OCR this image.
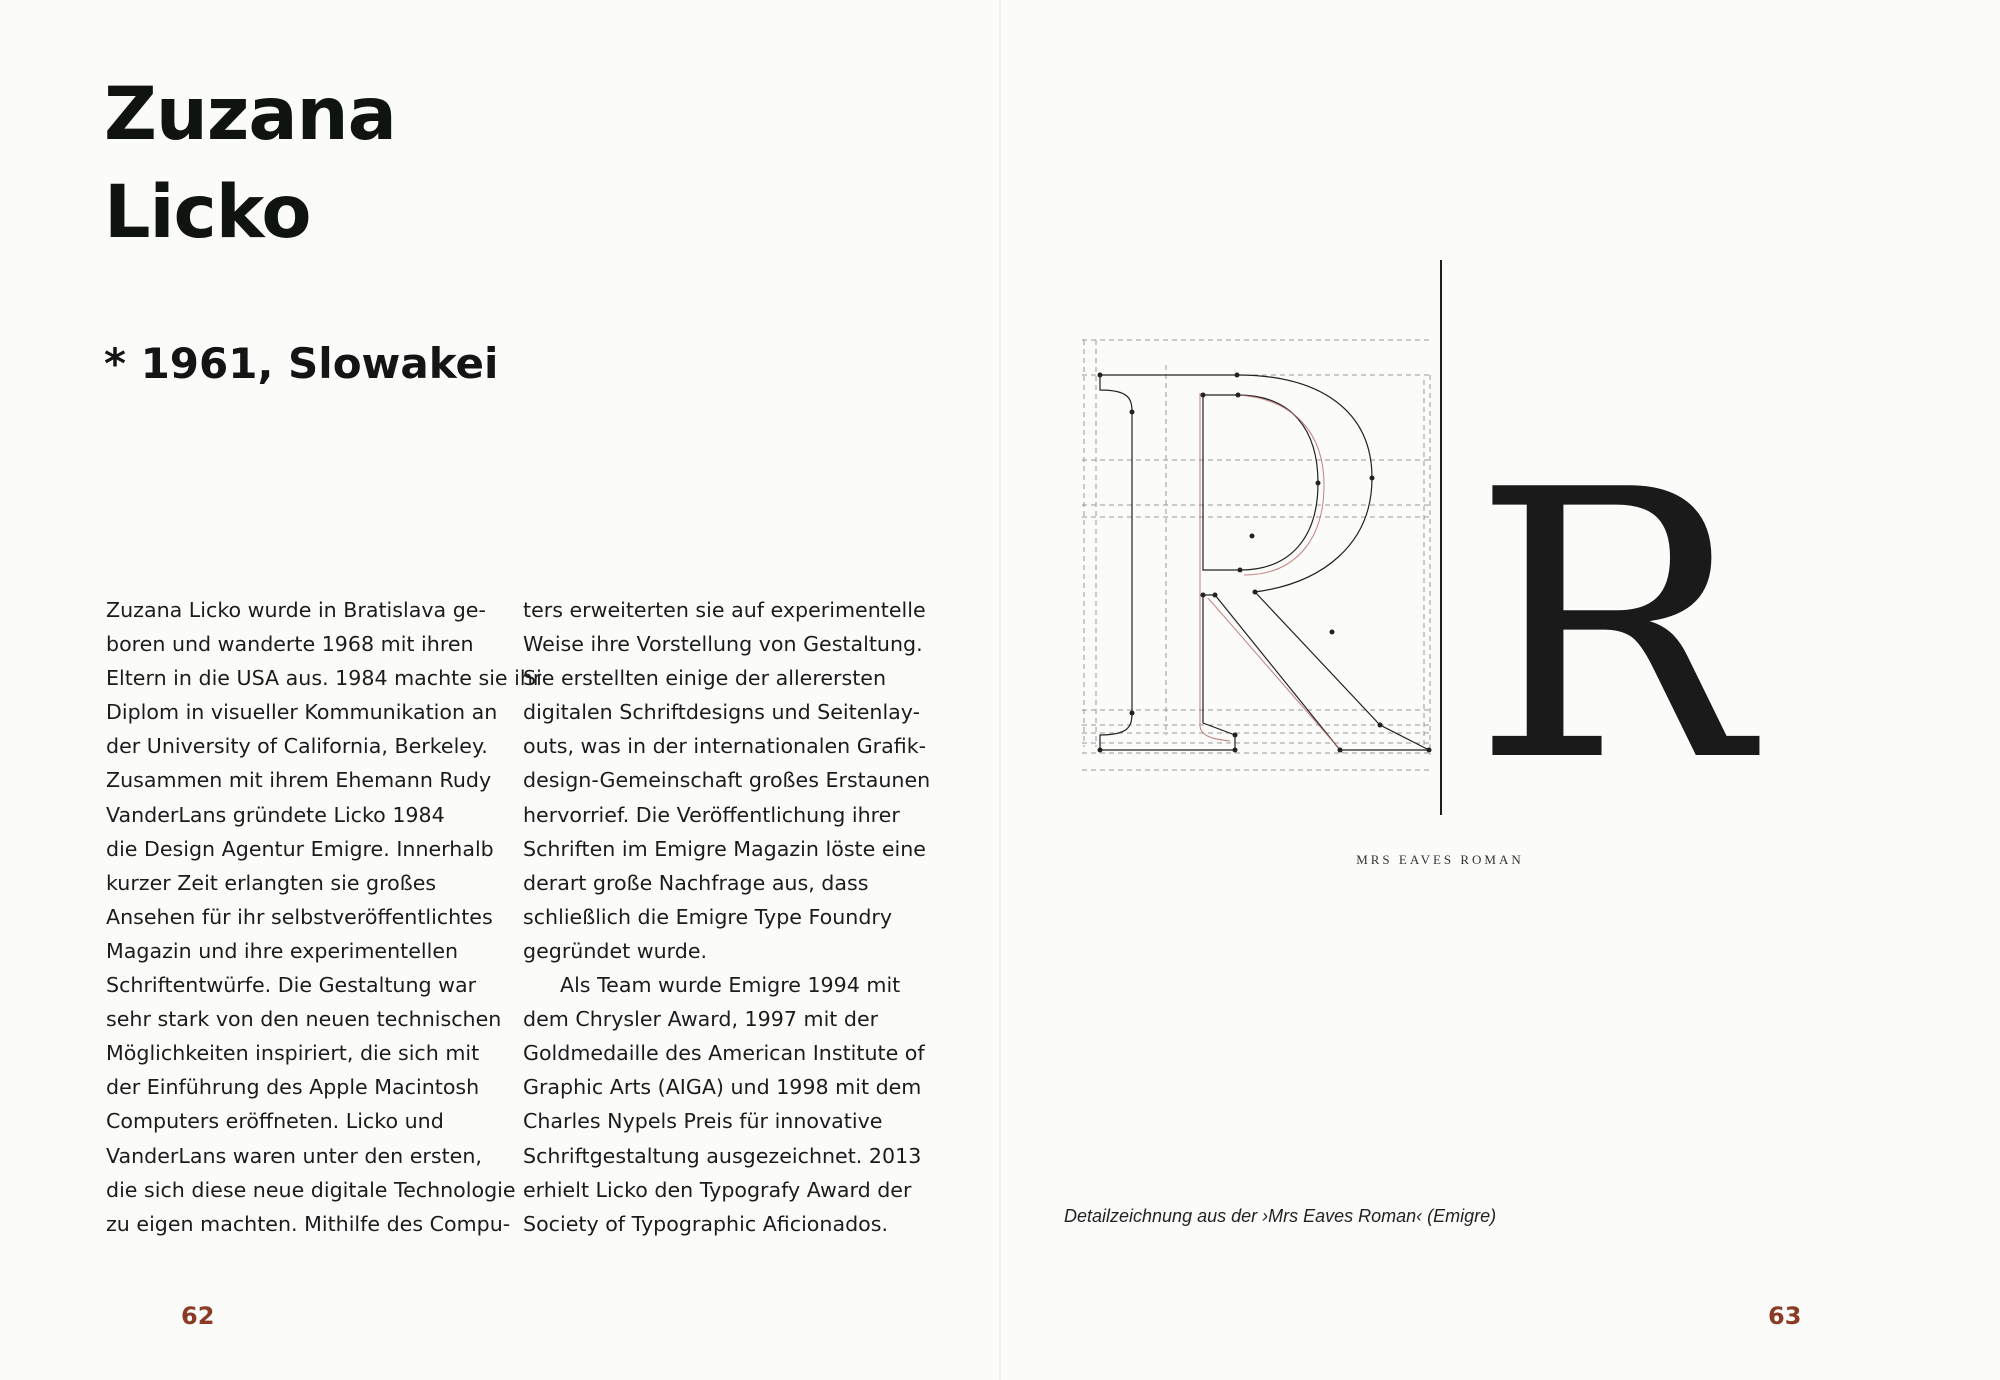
Zuzana
Licko
* 1961, Slowakei
Zuzana Licko wurde in Bratislava ge-
boren und wanderte 1968 mit ihren
Eltern in die USA aus. 1984 machte sie ihr
Diplom in visueller Kommunikation an
der University of California, Berkeley.
Zusammen mit ihrem Ehemann Rudy
VanderLans gründete Licko 1984
die Design Agentur Emigre. Innerhalb
kurzer Zeit erlangten sie großes
Ansehen für ihr selbstveröffentlichtes
Magazin und ihre experimentellen
Schriftentwürfe. Die Gestaltung war
sehr stark von den neuen technischen
Möglichkeiten inspiriert, die sich mit
der Einführung des Apple Macintosh
Computers eröffneten. Licko und
VanderLans waren unter den ersten,
die sich diese neue digitale Technologie
zu eigen machten. Mithilfe des Compu-
ters erweiterten sie auf experimentelle
Weise ihre Vorstellung von Gestaltung.
Sie erstellten einige der allerersten
digitalen Schriftdesigns und Seitenlay-
outs, was in der internationalen Grafik-
design-Gemeinschaft großes Erstaunen
hervorrief. Die Veröffentlichung ihrer
Schriften im Emigre Magazin löste eine
derart große Nachfrage aus, dass
schließlich die Emigre Type Foundry
gegründet wurde.
Als Team wurde Emigre 1994 mit
dem Chrysler Award, 1997 mit der
Goldmedaille des American Institute of
Graphic Arts (AIGA) und 1998 mit dem
Charles Nypels Preis für innovative
Schriftgestaltung ausgezeichnet. 2013
erhielt Licko den Typografy Award der
Society of Typographic Aficionados.
R
MRS EAVES ROMAN
Detailzeichnung aus der ›Mrs Eaves Roman‹ (Emigre)
62	63
